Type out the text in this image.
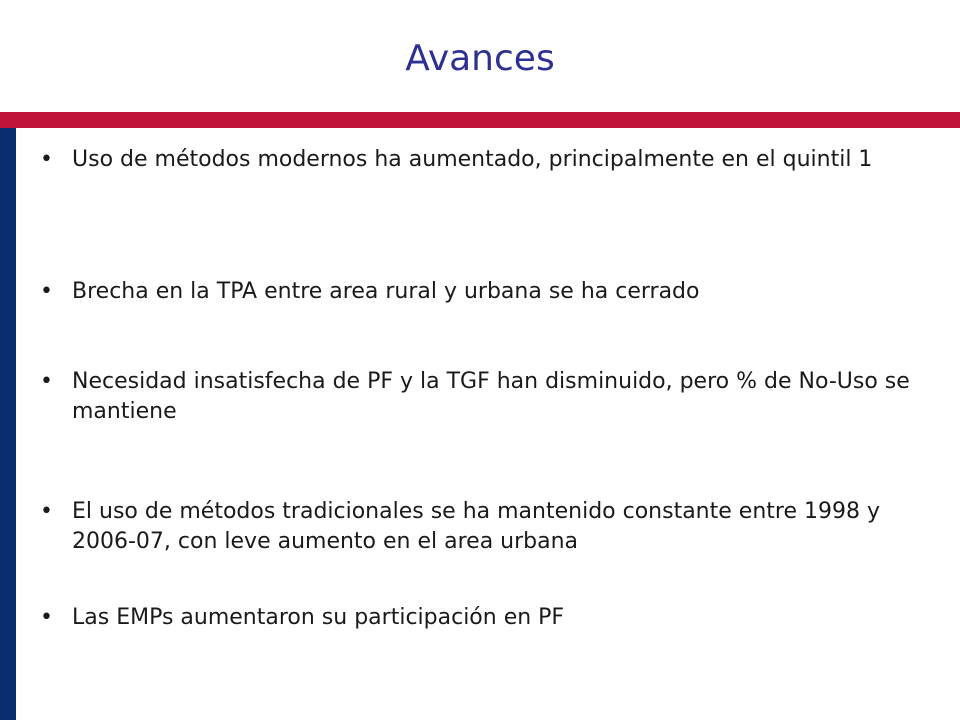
Avances
• Uso de métodos modernos ha aumentado, principalmente en el quintil 1
• Brecha en la TPA entre area rural y urbana se ha cerrado
• Necesidad insatisfecha de PF y la TGF han disminuido, pero % de No-Uso se mantiene
• El uso de métodos tradicionales se ha mantenido constante entre 1998 y 2006-07, con leve aumento en el area urbana
• Las EMPs aumentaron su participación en PF
